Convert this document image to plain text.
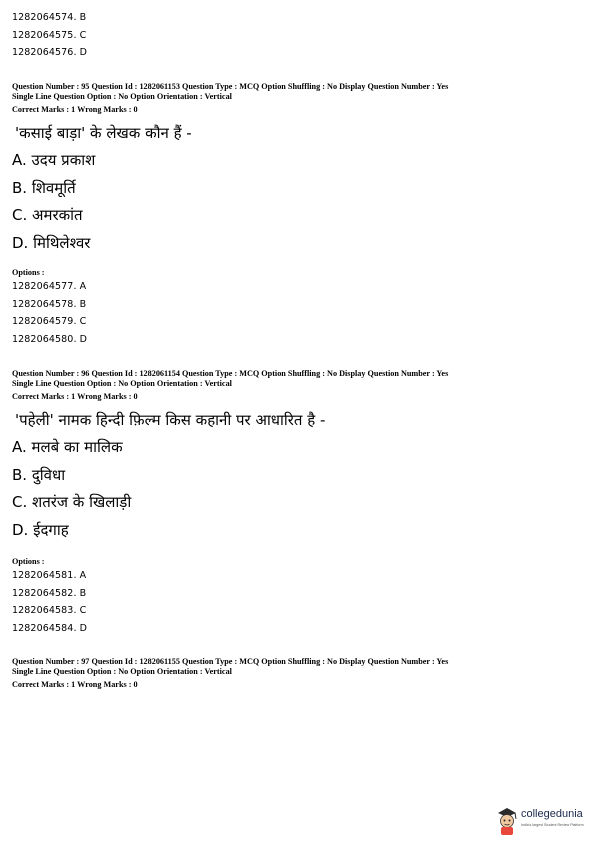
1282064574. B
1282064575. C
1282064576. D
Question Number : 95 Question Id : 1282061153 Question Type : MCQ Option Shuffling : No Display Question Number : Yes
Single Line Question Option : No Option Orientation : Vertical
Correct Marks : 1 Wrong Marks : 0
'कसाई बाड़ा' के लेखक कौन हैं -
A. उदय प्रकाश
B. शिवमूर्ति
C. अमरकांत
D. मिथिलेश्वर
Options :
1282064577. A
1282064578. B
1282064579. C
1282064580. D
Question Number : 96 Question Id : 1282061154 Question Type : MCQ Option Shuffling : No Display Question Number : Yes
Single Line Question Option : No Option Orientation : Vertical
Correct Marks : 1 Wrong Marks : 0
'पहेली' नामक हिन्दी फ़िल्म किस कहानी पर आधारित है -
A. मलबे का मालिक
B. दुविधा
C. शतरंज के खिलाड़ी
D. ईदगाह
Options :
1282064581. A
1282064582. B
1282064583. C
1282064584. D
Question Number : 97 Question Id : 1282061155 Question Type : MCQ Option Shuffling : No Display Question Number : Yes
Single Line Question Option : No Option Orientation : Vertical
Correct Marks : 1 Wrong Marks : 0
collegedunia
India's largest Student Review Platform
